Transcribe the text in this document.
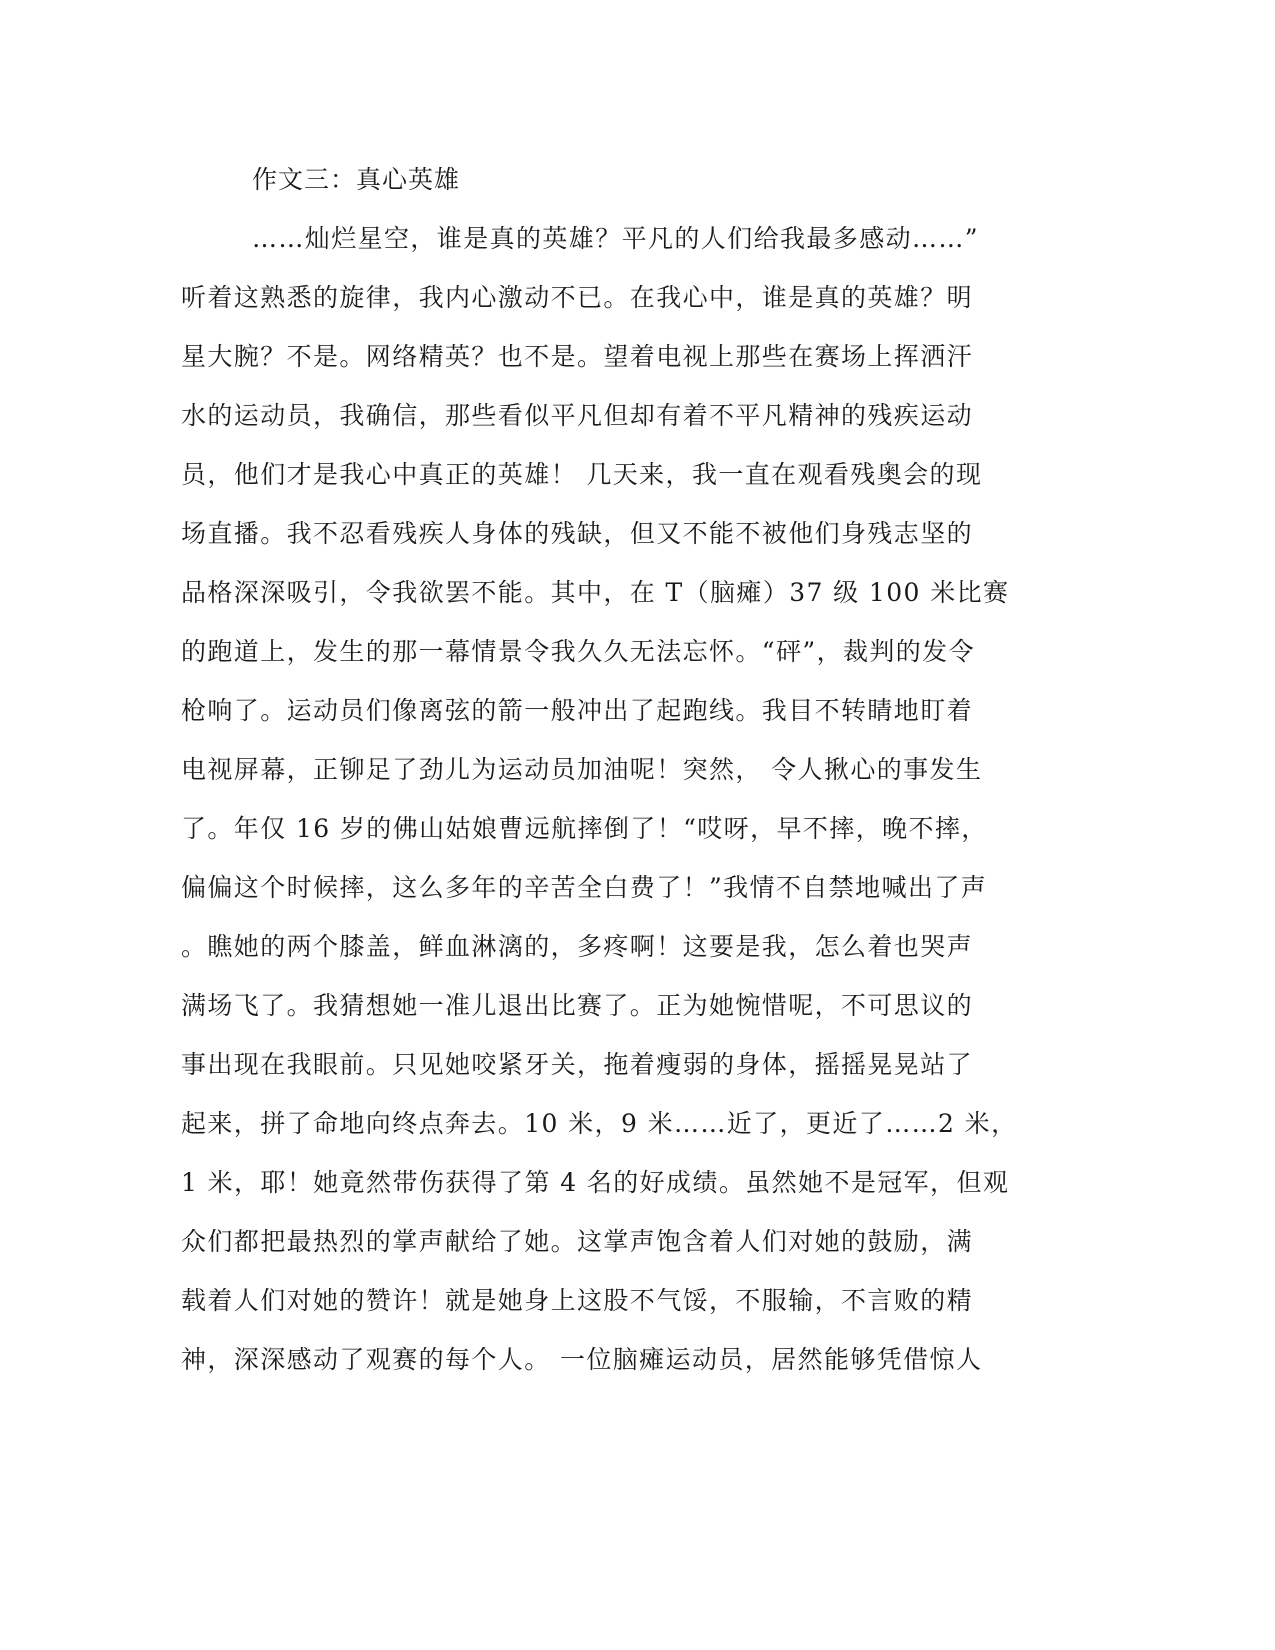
作文三：真心英雄
……灿烂星空，谁是真的英雄？平凡的人们给我最多感动……”
听着这熟悉的旋律，我内心激动不已。在我心中，谁是真的英雄？明
星大腕？不是。网络精英？也不是。望着电视上那些在赛场上挥洒汗
水的运动员，我确信，那些看似平凡但却有着不平凡精神的残疾运动
员，他们才是我心中真正的英雄！ 几天来，我一直在观看残奥会的现
场直播。我不忍看残疾人身体的残缺，但又不能不被他们身残志坚的
品格深深吸引，令我欲罢不能。其中，在 T（脑瘫）37 级 100 米比赛
的跑道上，发生的那一幕情景令我久久无法忘怀。“砰”，裁判的发令
枪响了。运动员们像离弦的箭一般冲出了起跑线。我目不转睛地盯着
电视屏幕，正铆足了劲儿为运动员加油呢！突然， 令人揪心的事发生
了。年仅 16 岁的佛山姑娘曹远航摔倒了！“哎呀，早不摔，晚不摔，
偏偏这个时候摔，这么多年的辛苦全白费了！”我情不自禁地喊出了声
。瞧她的两个膝盖，鲜血淋漓的，多疼啊！这要是我，怎么着也哭声
满场飞了。我猜想她一准儿退出比赛了。正为她惋惜呢，不可思议的
事出现在我眼前。只见她咬紧牙关，拖着瘦弱的身体，摇摇晃晃站了
起来，拼了命地向终点奔去。10 米，9 米……近了，更近了……2 米，
1 米，耶！她竟然带伤获得了第 4 名的好成绩。虽然她不是冠军，但观
众们都把最热烈的掌声献给了她。这掌声饱含着人们对她的鼓励，满
载着人们对她的赞许！就是她身上这股不气馁，不服输，不言败的精
神，深深感动了观赛的每个人。 一位脑瘫运动员，居然能够凭借惊人
